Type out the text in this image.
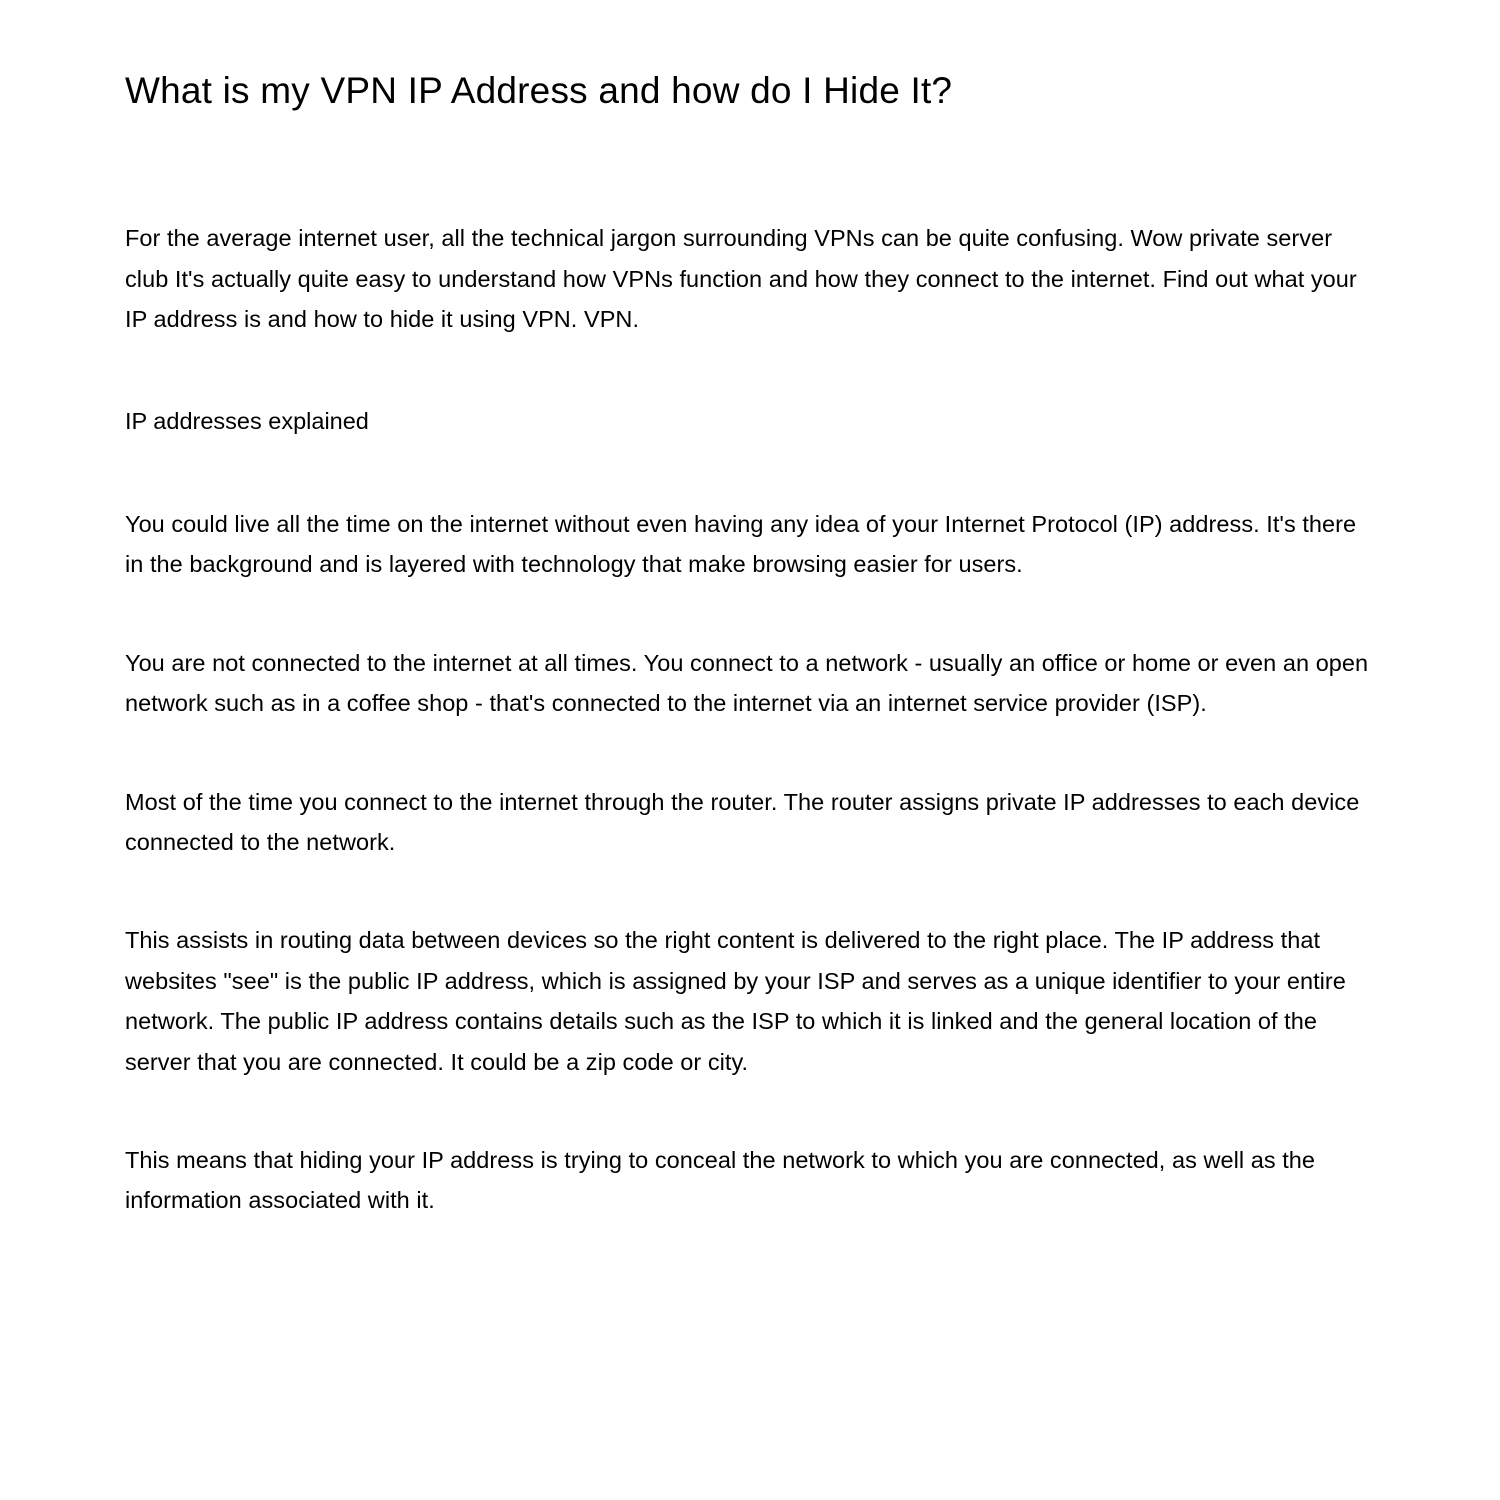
What is my VPN IP Address and how do I Hide It?

For the average internet user, all the technical jargon surrounding VPNs can be quite confusing. Wow private server club It's actually quite easy to understand how VPNs function and how they connect to the internet. Find out what your IP address is and how to hide it using VPN. VPN.

IP addresses explained

You could live all the time on the internet without even having any idea of your Internet Protocol (IP) address. It's there in the background and is layered with technology that make browsing easier for users.

You are not connected to the internet at all times. You connect to a network - usually an office or home or even an open network such as in a coffee shop - that's connected to the internet via an internet service provider (ISP).

Most of the time you connect to the internet through the router. The router assigns private IP addresses to each device connected to the network.

This assists in routing data between devices so the right content is delivered to the right place. The IP address that websites "see" is the public IP address, which is assigned by your ISP and serves as a unique identifier to your entire network. The public IP address contains details such as the ISP to which it is linked and the general location of the server that you are connected. It could be a zip code or city.

This means that hiding your IP address is trying to conceal the network to which you are connected, as well as the information associated with it.
